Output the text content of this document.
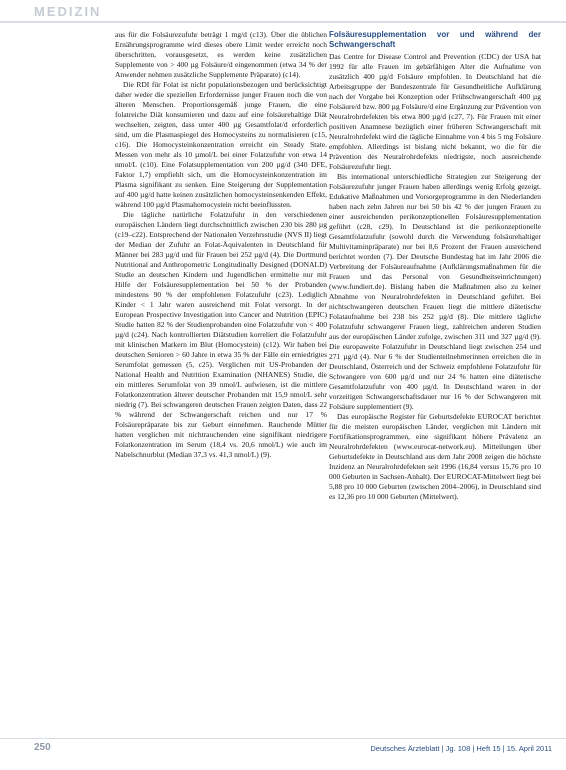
MEDIZIN

aus für die Folsäurezufuhr beträgt 1 mg/d (c13). Über die üblichen Ernährungsprogramme wird dieses obere Limit weder erreicht noch überschritten, vorausgesetzt, es werden keine zusätzlichen Supplemente von > 400 µg Folsäure/d eingenommen (etwa 34 % der Anwender nehmen zusätzliche Supplemente Präparate) (c14).

Die RDI für Folat ist nicht populationsbezogen und berücksichtigt daher weder die speziellen Erfordernisse junger Frauen noch die von älteren Menschen. Proportionsgemäß junge Frauen, die eine folatreiche Diät konsumieren und dazu auf eine folsäurehaltige Diät wechselten, zeigten, dass unter 400 µg Gesamtfolat/d erforderlich sind, um die Plasmaspiegel des Homocysteins zu normalisieren (c15, c16). Die Homocysteinkonzentration erreicht ein Steady State. Messen von mehr als 10 µmol/L bei einer Folatzufuhr von etwa 14 nmol/L (c10). Eine Folatsupplementation von 200 µg/d (340 DFE, Faktor 1,7) empfiehlt sich, um die Homocysteinkonzentration im Plasma signifikant zu senken. Eine Steigerung der Supplementation auf 400 µg/d hatte keinen zusätzlichen homocysteinsenkenden Effekt, während 100 µg/d Plasmahomocystein nicht beeinflussten.

Die tägliche natürliche Folatzufuhr in den verschiedenen europäischen Ländern liegt durchschnittlich zwischen 230 bis 280 µg (c19–c22). Entsprechend der Nationalen Verzehrsstudie (NVS II) liegt der Median der Zufuhr an Folat-Äquivalenten in Deutschland für Männer bei 283 µg/d und für Frauen bei 252 µg/d (4). Die Dortmund Nutritional and Anthropometric Longitudinally Designed (DONALD) Studie an deutschen Kindern und Jugendlichen ermittelte nur mit Hilfe der Folsäuresupplementation bei 50 % der Probanden mindestens 90 % der empfohlenen Folatzufuhr (c23). Lediglich Kinder < 1 Jahr waren ausreichend mit Folat versorgt. In der European Prospective Investigation into Cancer and Nutrition (EPIC) Studie hatten 82 % der Studienprobanden eine Folatzufuhr von < 400 µg/d (c24). Nach kontrollierten Diätstudien korreliert die Folatzufuhr mit klinischen Markern im Blut (Homocystein) (c12). Wir haben bei deutschen Senioren > 60 Jahre in etwa 35 % der Fälle ein erniedrigtes Serumfolat gemessen (5, c25). Verglichen mit US-Probanden der National Health and Nutrition Examination (NHANES) Studie, die ein mittleres Serumfolat von 39 nmol/L aufwiesen, ist die mittlere Folatkonzentration älterer deutscher Probanden mit 15,9 nmol/L sehr niedrig (7). Bei schwangeren deutschen Frauen zeigten Daten, dass 22 % während der Schwangerschaft reichen und nur 17 % Folsäurepräparate bis zur Geburt einnehmen. Rauchende Mütter hatten verglichen mit nichtrauchenden eine signifikant niedrigere Folatkonzentration im Serum (18,4 vs. 20,6 nmol/L) wie auch im Nabelschnurblut (Median 37,3 vs. 41,3 nmol/L) (9).

Folsäuresupplementation vor und während der Schwangerschaft

Das Centre for Disease Control and Prevention (CDC) der USA hat 1992 für alle Frauen im gebärfähigen Alter die Aufnahme von zusätzlich 400 µg/d Folsäure empfohlen. In Deutschland hat die Arbeitsgruppe der Bundeszentrale für Gesundheitliche Aufklärung nach der Vorgabe bei Konzeption oder Frühschwangerschaft 400 µg Folsäure/d bzw. 800 µg Folsäure/d eine Ergänzung zur Prävention von Neuralrohrdefekten bis etwa 800 µg/d (c27, 7). Für Frauen mit einer positiven Anamnese bezüglich einer früheren Schwangerschaft mit Neuralrohrdefekt wird die tägliche Einnahme von 4 bis 5 mg Folsäure empfohlen. Allerdings ist bislang nicht bekannt, wo die für die Prävention des Neuralrohrdefekts niedrigste, noch ausreichende Folsäurezufuhr liegt.

Bis international unterschiedliche Strategien zur Steigerung der Folsäurezufuhr junger Frauen haben allerdings wenig Erfolg gezeigt. Edukative Maßnahmen und Vorsorgeprogramme in den Niederlanden haben nach zehn Jahren nur bei 50 bis 42 % der jungen Frauen zu einer ausreichenden perikonzeptionellen Folsäuresupplementation geführt (c28, c29). In Deutschland ist die perikonzeptionelle Gesamtfolatzufuhr (sowohl durch die Verwendung folsäurehaltiger Multivitaminpräparate) nur bei 8,6 Prozent der Frauen ausreichend berichtet worden (7). Der Deutsche Bundestag hat im Jahr 2006 die Verbreitung der Folsäureaufnahme (Aufklärungsmaßnahmen für die Frauen und das Personal von Gesundheitseinrichtungen) (www.fundiert.de). Bislang haben die Maßnahmen also zu keiner Abnahme von Neuralrohrdefekten in Deutschland geführt. Bei nichtschwangeren deutschen Frauen liegt die mittlere diätetische Folataufnahme bei 238 bis 252 µg/d (8). Die mittlere tägliche Folatzufuhr schwangerer Frauen liegt, zahlreichen anderen Studien aus der europäischen Länder zufolge, zwischen 311 und 327 µg/d (9). Die europaweite Folatzufuhr in Deutschland liegt zwischen 254 und 271 µg/d (4). Nur 6 % der Studienteilnehmerinnen erreichen die in Deutschland, Österreich und der Schweiz empfohlene Folatzufuhr für Schwangere von 600 µg/d und nur 24 % hatten eine diätetische Gesamtfolatzufuhr von 400 µg/d. In Deutschland waren in der vorzeitigen Schwangerschaftsdauer nur 16 % der Schwangeren mit Folsäure supplementiert (9).

Das europäische Register für Geburtsdefekte EUROCAT berichtet für die meisten europäischen Länder, verglichen mit Ländern mit Fortifikationsprogrammen, eine signifikant höhere Prävalenz an Neuralrohrdefekten (www.eurocat-network.eu). Mitteilungen über Geburtsdefekte in Deutschland aus dem Jahr 2008 zeigen die höchste Inzidenz an Neuralrohrdefekten seit 1996 (16,84 versus 15,76 pro 10 000 Geburten in Sachsen-Anhalt). Der EUROCAT-Mittelwert liegt bei 5,88 pro 10 000 Geburten (zwischen 2004–2006), in Deutschland sind es 12,36 pro 10 000 Geburten (Mittelwert).

250	Deutsches Ärzteblatt | Jg. 108 | Heft 15 | 15. April 2011
